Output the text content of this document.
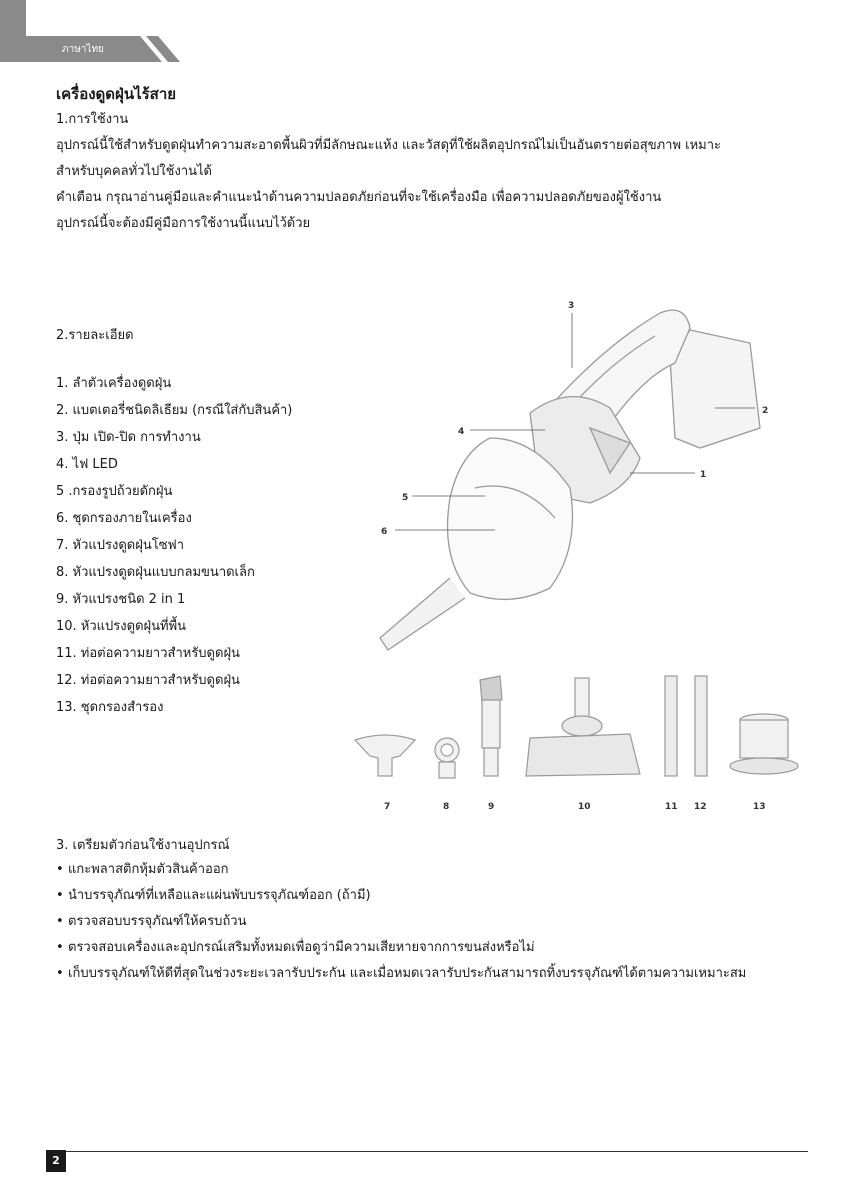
ภาษาไทย
เครื่องดูดฝุ่นไร้สาย
1.การใช้งาน
อุปกรณ์นี้ใช้สำหรับดูดฝุ่นทำความสะอาดพื้นผิวที่มีลักษณะแห้ง และวัสดุที่ใช้ผลิตอุปกรณ์ไม่เป็นอันตรายต่อสุขภาพ เหมาะ
สำหรับบุคคลทั่วไปใช้งานได้
คำเตือน กรุณาอ่านคู่มือและคำแนะนำด้านความปลอดภัยก่อนที่จะใช้เครื่องมือ เพื่อความปลอดภัยของผู้ใช้งาน
อุปกรณ์นี้จะต้องมีคู่มือการใช้งานนี้แนบไว้ด้วย
2.รายละเอียด
1. ลำตัวเครื่องดูดฝุ่น
2. แบตเตอรี่ชนิดลิเธียม (กรณีใส่กับสินค้า)
3. ปุ่ม เปิด-ปิด การทำงาน
4. ไฟ LED
5 .กรองรูปถ้วยดักฝุ่น
6. ชุดกรองภายในเครื่อง
7. หัวแปรงดูดฝุ่นโซฟา
8. หัวแปรงดูดฝุ่นแบบกลมขนาดเล็ก
9. หัวแปรงชนิด 2 in 1
10. หัวแปรงดูดฝุ่นที่พื้น
11. ท่อต่อความยาวสำหรับดูดฝุ่น
12. ท่อต่อความยาวสำหรับดูดฝุ่น
13. ชุดกรองสำรอง
3
2
4
5
6
1
7	8	9	10	11 12	13
3. เตรียมตัวก่อนใช้งานอุปกรณ์
• แกะพลาสติกหุ้มตัวสินค้าออก
• นำบรรจุภัณฑ์ที่เหลือและแผ่นพับบรรจุภัณฑ์ออก (ถ้ามี)
• ตรวจสอบบรรจุภัณฑ์ให้ครบถ้วน
• ตรวจสอบเครื่องและอุปกรณ์เสริมทั้งหมดเพื่อดูว่ามีความเสียหายจากการขนส่งหรือไม่
• เก็บบรรจุภัณฑ์ให้ดีที่สุดในช่วงระยะเวลารับประกัน และเมื่อหมดเวลารับประกันสามารถทิ้งบรรจุภัณฑ์ได้ตามความเหมาะสม
2
